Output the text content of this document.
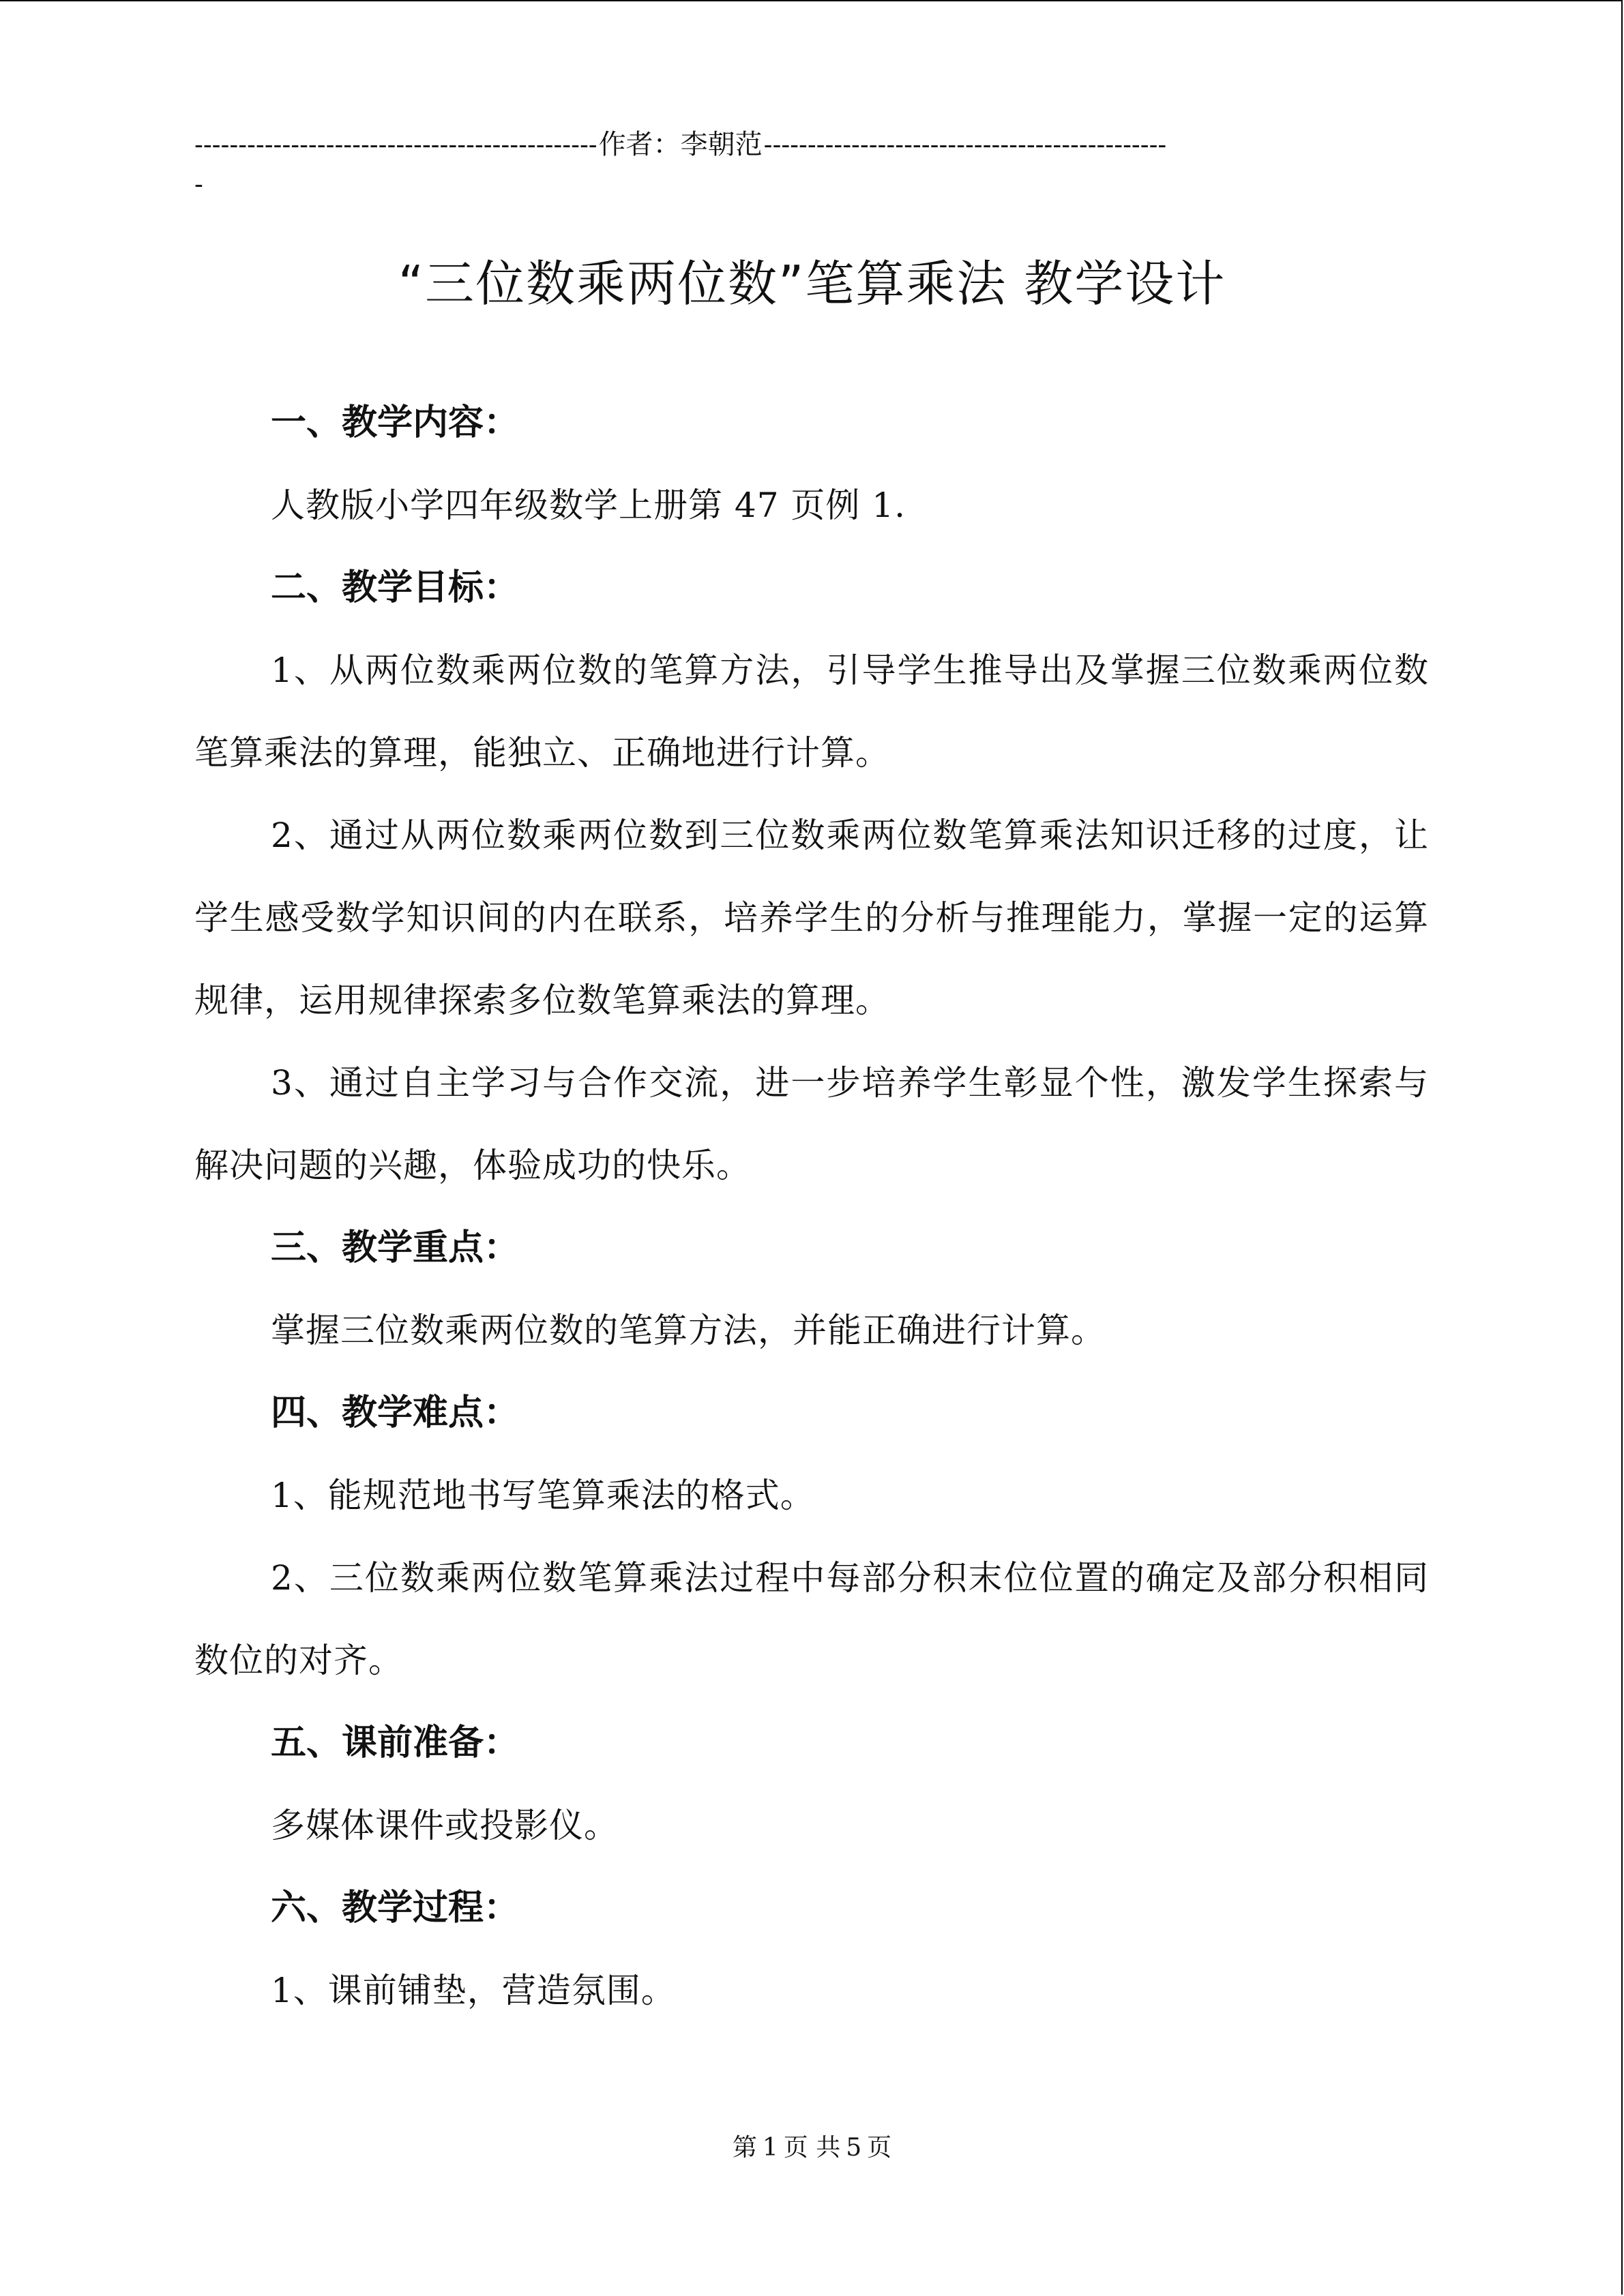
----------------------------------------------作者：李朝范----------------------------------------------
-
“三位数乘两位数”笔算乘法 教学设计
一、教学内容：

人教版小学四年级数学上册第 47 页例 1.

二、教学目标：

1、从两位数乘两位数的笔算方法，引导学生推导出及掌握三位数乘两位数笔算乘法的算理，能独立、正确地进行计算。

2、通过从两位数乘两位数到三位数乘两位数笔算乘法知识迁移的过度，让学生感受数学知识间的内在联系，培养学生的分析与推理能力，掌握一定的运算规律，运用规律探索多位数笔算乘法的算理。

3、通过自主学习与合作交流，进一步培养学生彰显个性，激发学生探索与解决问题的兴趣，体验成功的快乐。

三、教学重点：

掌握三位数乘两位数的笔算方法，并能正确进行计算。

四、教学难点：

1、能规范地书写笔算乘法的格式。

2、三位数乘两位数笔算乘法过程中每部分积末位位置的确定及部分积相同数位的对齐。

五、课前准备：

多媒体课件或投影仪。

六、教学过程：

1、课前铺垫，营造氛围。

第 1 页 共 5 页
